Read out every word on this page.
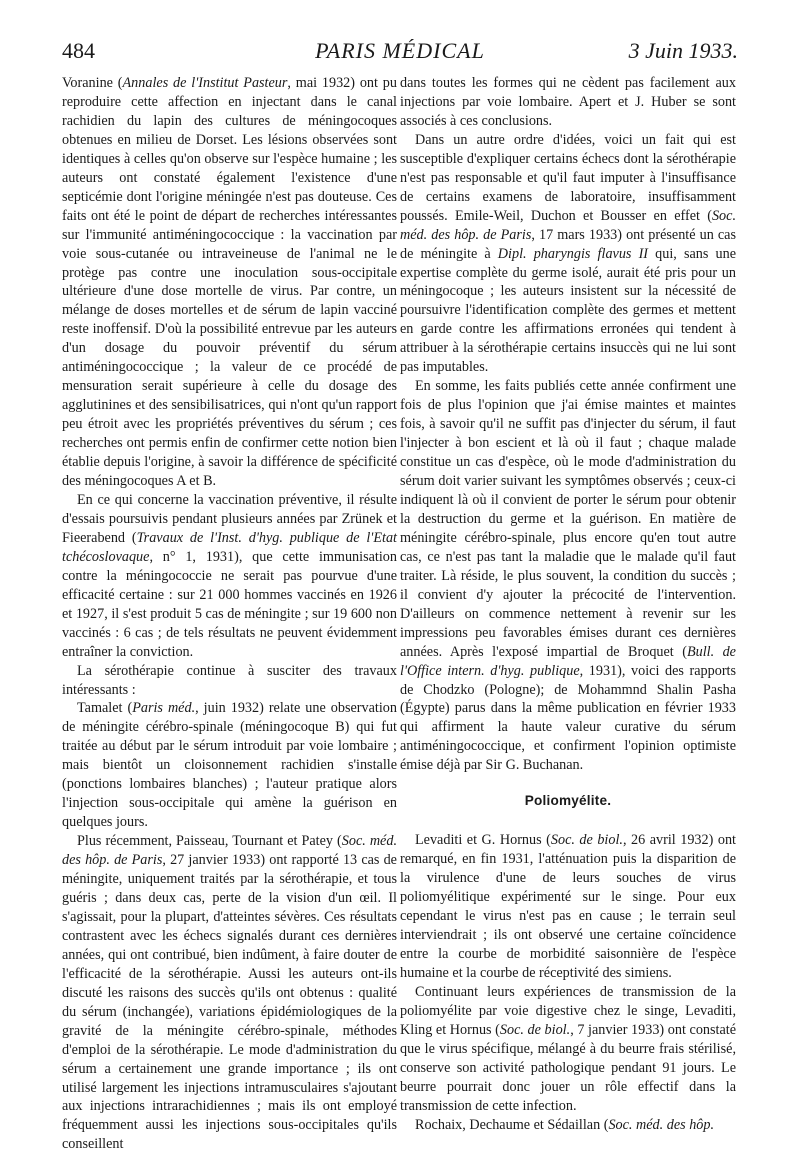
484	PARIS MÉDICAL	3 Juin 1933.

Voranine (Annales de l'Institut Pasteur, mai 1932) ont pu reproduire cette affection en injectant dans le canal rachidien du lapin des cultures de méningocoques obtenues en milieu de Dorset. Les lésions observées sont identiques à celles qu'on observe sur l'espèce humaine ; les auteurs ont constaté également l'existence d'une septicémie dont l'origine méningée n'est pas douteuse. Ces faits ont été le point de départ de recherches intéressantes sur l'immunité antiméningococcique : la vaccination par voie sous-cutanée ou intraveineuse de l'animal ne le protège pas contre une inoculation sous-occipitale ultérieure d'une dose mortelle de virus. Par contre, un mélange de doses mortelles et de sérum de lapin vacciné reste inoffensif. D'où la possibilité entrevue par les auteurs d'un dosage du pouvoir préventif du sérum antiméningococcique ; la valeur de ce procédé de mensuration serait supérieure à celle du dosage des agglutinines et des sensibilisatrices, qui n'ont qu'un rapport peu étroit avec les propriétés préventives du sérum ; ces recherches ont permis enfin de confirmer cette notion bien établie depuis l'origine, à savoir la différence de spécificité des méningocoques A et B.

En ce qui concerne la vaccination préventive, il résulte d'essais poursuivis pendant plusieurs années par Zrünek et Fieerabend (Travaux de l'Inst. d'hyg. publique de l'Etat tchécoslovaque, n° 1, 1931), que cette immunisation contre la méningococcie ne serait pas pourvue d'une efficacité certaine : sur 21 000 hommes vaccinés en 1926 et 1927, il s'est produit 5 cas de méningite ; sur 19 600 non vaccinés : 6 cas ; de tels résultats ne peuvent évidemment entraîner la conviction.

La sérothérapie continue à susciter des travaux intéressants :

Tamalet (Paris méd., juin 1932) relate une observation de méningite cérébro-spinale (méningocoque B) qui fut traitée au début par le sérum introduit par voie lombaire ; mais bientôt un cloisonnement rachidien s'installe (ponctions lombaires blanches) ; l'auteur pratique alors l'injection sous-occipitale qui amène la guérison en quelques jours.

Plus récemment, Paisseau, Tournant et Patey (Soc. méd. des hôp. de Paris, 27 janvier 1933) ont rapporté 13 cas de méningite, uniquement traités par la sérothérapie, et tous guéris ; dans deux cas, perte de la vision d'un œil. Il s'agissait, pour la plupart, d'atteintes sévères. Ces résultats contrastent avec les échecs signalés durant ces dernières années, qui ont contribué, bien indûment, à faire douter de l'efficacité de la sérothérapie. Aussi les auteurs ont-ils discuté les raisons des succès qu'ils ont obtenus : qualité du sérum (inchangée), variations épidémiologiques de la gravité de la méningite cérébro-spinale, méthodes d'emploi de la sérothérapie. Le mode d'administration du sérum a certainement une grande importance ; ils ont utilisé largement les injections intramusculaires s'ajoutant aux injections intrarachidiennes ; mais ils ont employé fréquemment aussi les injections sous-occipitales qu'ils conseillent

dans toutes les formes qui ne cèdent pas facilement aux injections par voie lombaire. Apert et J. Huber se sont associés à ces conclusions.

Dans un autre ordre d'idées, voici un fait qui est susceptible d'expliquer certains échecs dont la sérothérapie n'est pas responsable et qu'il faut imputer à l'insuffisance de certains examens de laboratoire, insuffisamment poussés. Emile-Weil, Duchon et Bousser en effet (Soc. méd. des hôp. de Paris, 17 mars 1933) ont présenté un cas de méningite à Dipl. pharyngis flavus II qui, sans une expertise complète du germe isolé, aurait été pris pour un méningocoque ; les auteurs insistent sur la nécessité de poursuivre l'identification complète des germes et mettent en garde contre les affirmations erronées qui tendent à attribuer à la sérothérapie certains insuccès qui ne lui sont pas imputables.

En somme, les faits publiés cette année confirment une fois de plus l'opinion que j'ai émise maintes et maintes fois, à savoir qu'il ne suffit pas d'injecter du sérum, il faut l'injecter à bon escient et là où il faut ; chaque malade constitue un cas d'espèce, où le mode d'administration du sérum doit varier suivant les symptômes observés ; ceux-ci indiquent là où il convient de porter le sérum pour obtenir la destruction du germe et la guérison. En matière de méningite cérébro-spinale, plus encore qu'en tout autre cas, ce n'est pas tant la maladie que le malade qu'il faut traiter. Là réside, le plus souvent, la condition du succès ; il convient d'y ajouter la précocité de l'intervention. D'ailleurs on commence nettement à revenir sur les impressions peu favorables émises durant ces dernières années. Après l'exposé impartial de Broquet (Bull. de l'Office intern. d'hyg. publique, 1931), voici des rapports de Chodzko (Pologne); de Mohammnd Shalin Pasha (Égypte) parus dans la même publication en février 1933 qui affirment la haute valeur curative du sérum antiméningococcique, et confirment l'opinion optimiste émise déjà par Sir G. Buchanan.

Poliomyélite.

Levaditi et G. Hornus (Soc. de biol., 26 avril 1932) ont remarqué, en fin 1931, l'atténuation puis la disparition de la virulence d'une de leurs souches de virus poliomyélitique expérimenté sur le singe. Pour eux cependant le virus n'est pas en cause ; le terrain seul interviendrait ; ils ont observé une certaine coïncidence entre la courbe de morbidité saisonnière de l'espèce humaine et la courbe de réceptivité des simiens.

Continuant leurs expériences de transmission de la poliomyélite par voie digestive chez le singe, Levaditi, Kling et Hornus (Soc. de biol., 7 janvier 1933) ont constaté que le virus spécifique, mélangé à du beurre frais stérilisé, conserve son activité pathologique pendant 91 jours. Le beurre pourrait donc jouer un rôle effectif dans la transmission de cette infection.

Rochaix, Dechaume et Sédaillan (Soc. méd. des hôp.
